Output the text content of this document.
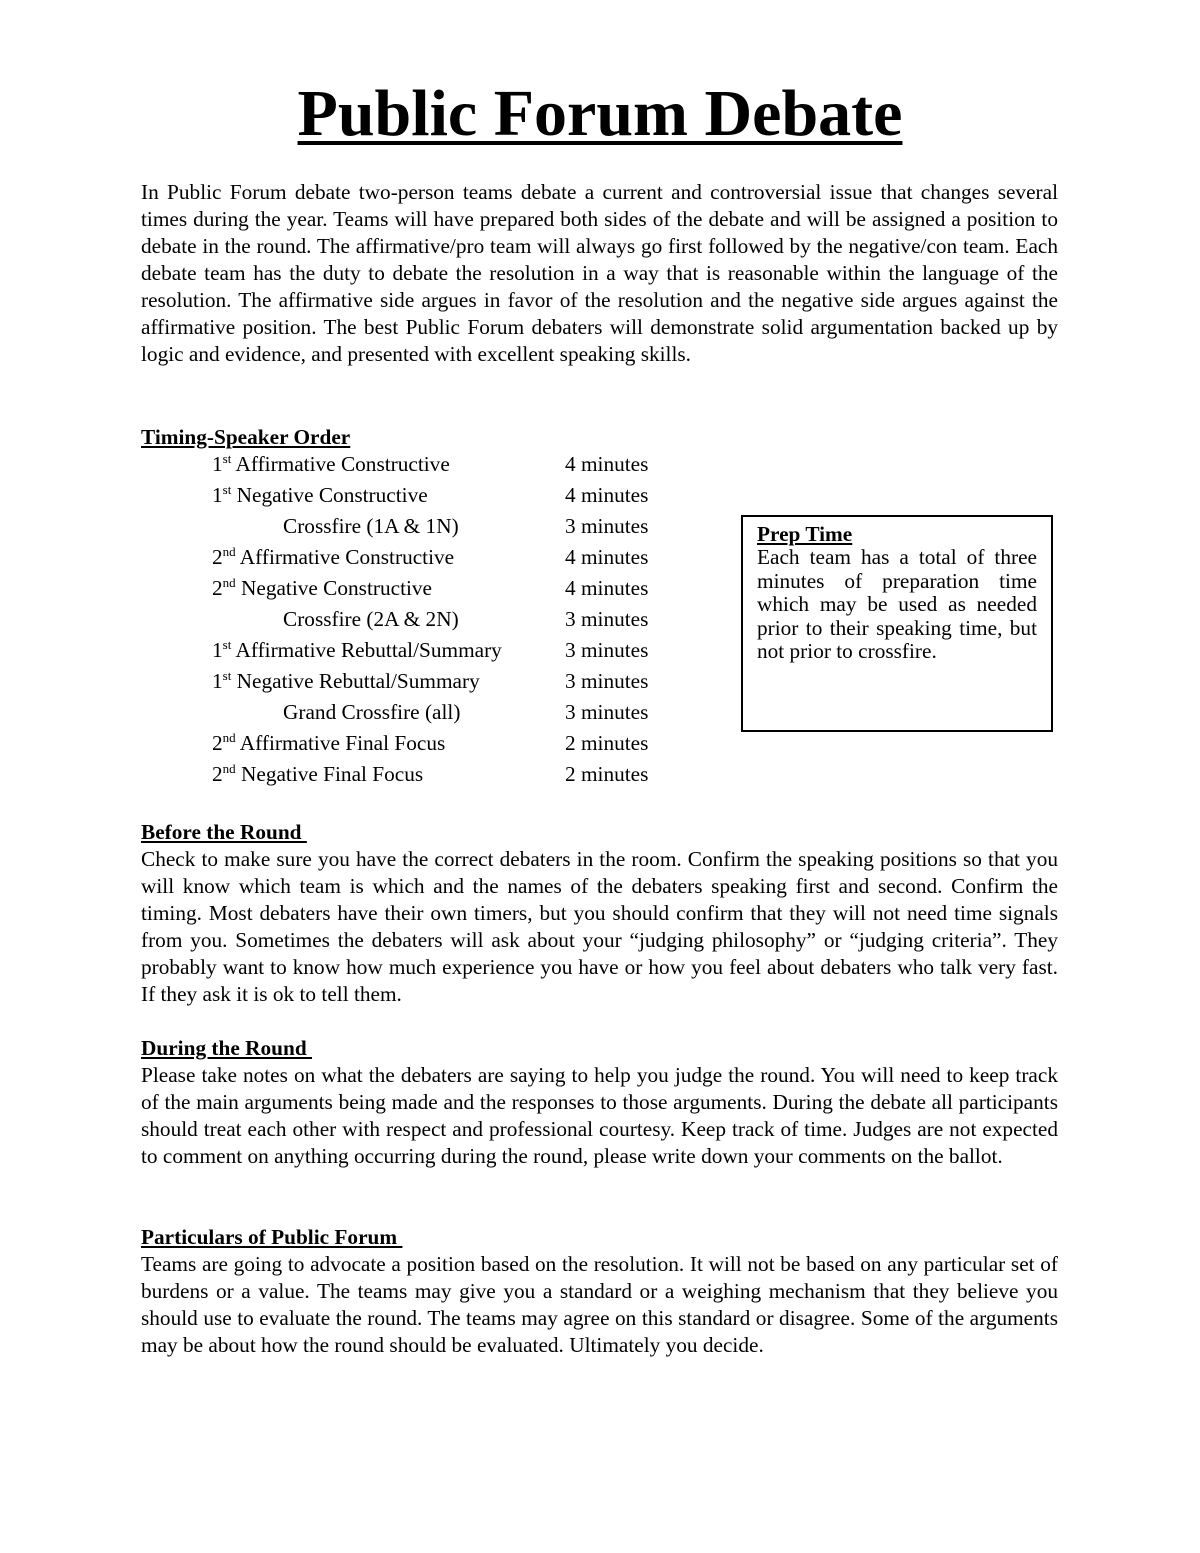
Public Forum Debate

In Public Forum debate two-person teams debate a current and controversial issue that changes several times during the year. Teams will have prepared both sides of the debate and will be assigned a position to debate in the round. The affirmative/pro team will always go first followed by the negative/con team. Each debate team has the duty to debate the resolution in a way that is reasonable within the language of the resolution. The affirmative side argues in favor of the resolution and the negative side argues against the affirmative position. The best Public Forum debaters will demonstrate solid argumentation backed up by logic and evidence, and presented with excellent speaking skills.

Timing-Speaker Order

1st Affirmative Constructive	4 minutes
1st Negative Constructive	4 minutes
Crossfire (1A & 1N)	3 minutes
2nd Affirmative Constructive	4 minutes
2nd Negative Constructive	4 minutes
Crossfire (2A & 2N)	3 minutes
1st Affirmative Rebuttal/Summary	3 minutes
1st Negative Rebuttal/Summary	3 minutes
Grand Crossfire (all)	3 minutes
2nd Affirmative Final Focus	2 minutes
2nd Negative Final Focus	2 minutes

Prep Time

Each team has a total of three minutes of preparation time which may be used as needed prior to their speaking time, but not prior to crossfire.

Before the Round

Check to make sure you have the correct debaters in the room. Confirm the speaking positions so that you will know which team is which and the names of the debaters speaking first and second. Confirm the timing. Most debaters have their own timers, but you should confirm that they will not need time signals from you. Sometimes the debaters will ask about your “judging philosophy” or “judging criteria”. They probably want to know how much experience you have or how you feel about debaters who talk very fast. If they ask it is ok to tell them.

During the Round

Please take notes on what the debaters are saying to help you judge the round. You will need to keep track of the main arguments being made and the responses to those arguments. During the debate all participants should treat each other with respect and professional courtesy. Keep track of time. Judges are not expected to comment on anything occurring during the round, please write down your comments on the ballot.

Particulars of Public Forum

Teams are going to advocate a position based on the resolution. It will not be based on any particular set of burdens or a value. The teams may give you a standard or a weighing mechanism that they believe you should use to evaluate the round. The teams may agree on this standard or disagree. Some of the arguments may be about how the round should be evaluated. Ultimately you decide.
